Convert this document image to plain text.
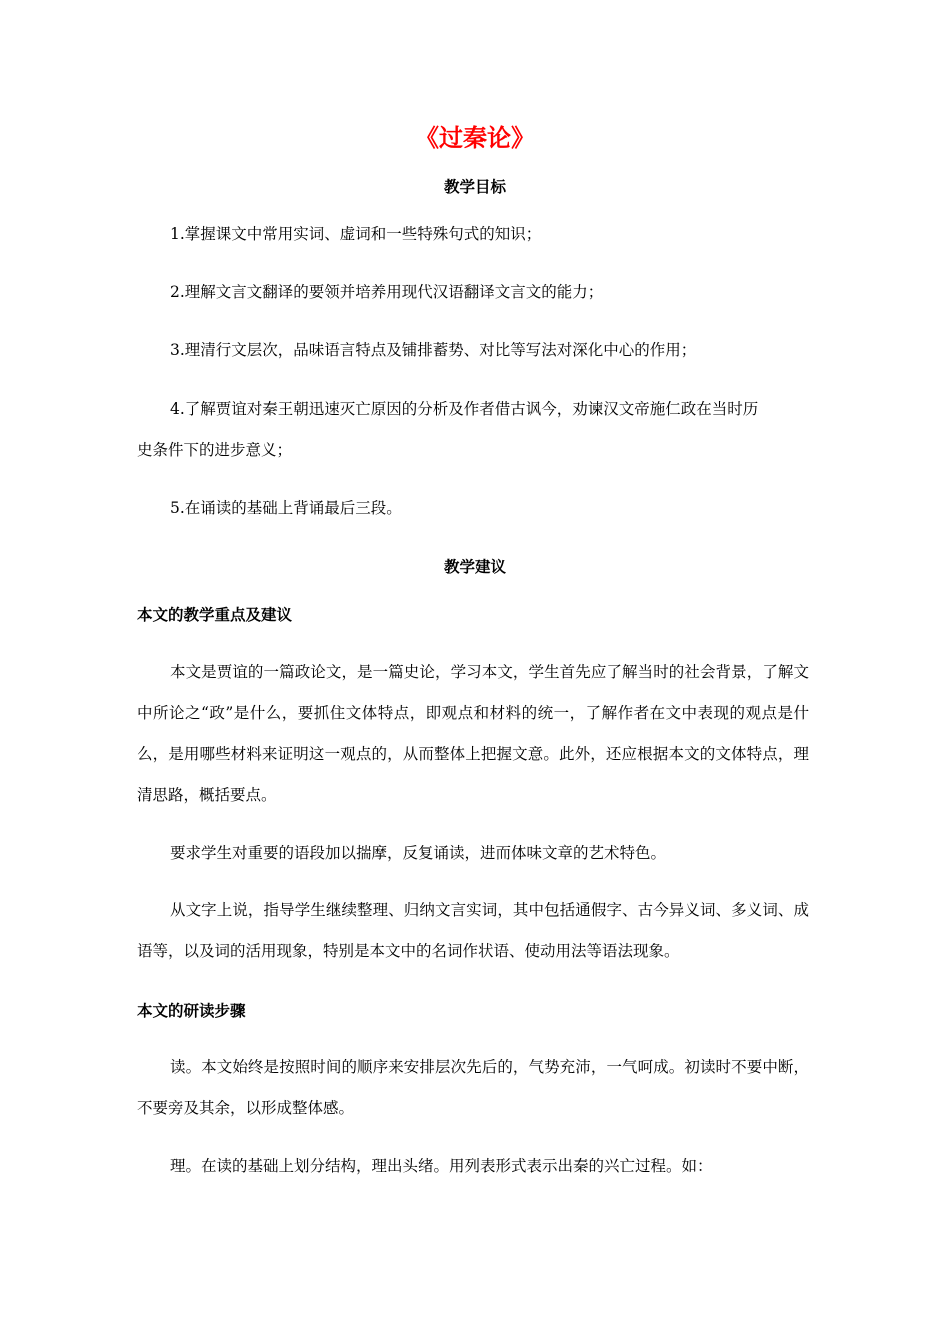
《过秦论》
教学目标
1.掌握课文中常用实词、虚词和一些特殊句式的知识；
2.理解文言文翻译的要领并培养用现代汉语翻译文言文的能力；
3.理清行文层次，品味语言特点及铺排蓄势、对比等写法对深化中心的作用；
4.了解贾谊对秦王朝迅速灭亡原因的分析及作者借古讽今，劝谏汉文帝施仁政在当时历
史条件下的进步意义；
5.在诵读的基础上背诵最后三段。
教学建议
本文的教学重点及建议
本文是贾谊的一篇政论文，是一篇史论，学习本文，学生首先应了解当时的社会背景，了解文中所论之“政”是什么，要抓住文体特点，即观点和材料的统一，了解作者在文中表现的观点是什么，是用哪些材料来证明这一观点的，从而整体上把握文意。此外，还应根据本文的文体特点，理清思路，概括要点。
要求学生对重要的语段加以揣摩，反复诵读，进而体味文章的艺术特色。
从文字上说，指导学生继续整理、归纳文言实词，其中包括通假字、古今异义词、多义词、成语等，以及词的活用现象，特别是本文中的名词作状语、使动用法等语法现象。
本文的研读步骤
读。本文始终是按照时间的顺序来安排层次先后的，气势充沛，一气呵成。初读时不要中断，不要旁及其余，以形成整体感。
理。在读的基础上划分结构，理出头绪。用列表形式表示出秦的兴亡过程。如：
